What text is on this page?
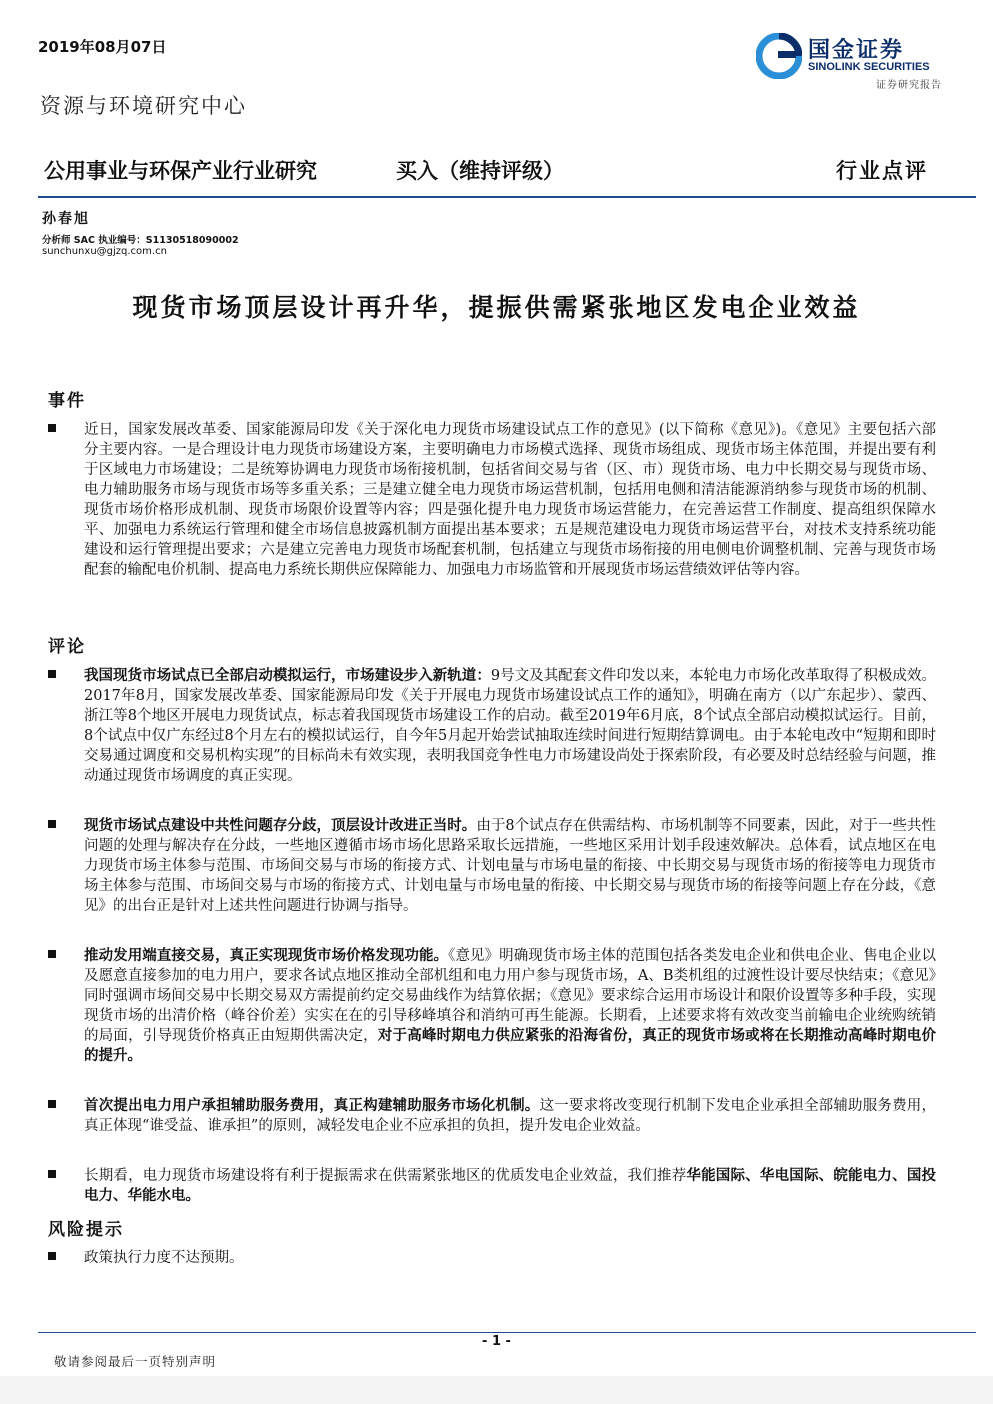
2019年08月07日	国金证券
SINOLINK SECURITIES
证券研究报告
资源与环境研究中心
公用事业与环保产业行业研究	买入（维持评级）	行业点评
孙春旭
分析师 SAC 执业编号：S1130518090002
sunchunxu@gjzq.com.cn
现货市场顶层设计再升华，提振供需紧张地区发电企业效益
事件
近日，国家发展改革委、国家能源局印发《关于深化电力现货市场建设试点工作的意见》(以下简称《意见》)。《意见》主要包括六部分主要内容。一是合理设计电力现货市场建设方案，主要明确电力市场模式选择、现货市场组成、现货市场主体范围，并提出要有利于区域电力市场建设；二是统筹协调电力现货市场衔接机制，包括省间交易与省（区、市）现货市场、电力中长期交易与现货市场、电力辅助服务市场与现货市场等多重关系；三是建立健全电力现货市场运营机制，包括用电侧和清洁能源消纳参与现货市场的机制、现货市场价格形成机制、现货市场限价设置等内容；四是强化提升电力现货市场运营能力，在完善运营工作制度、提高组织保障水平、加强电力系统运行管理和健全市场信息披露机制方面提出基本要求；五是规范建设电力现货市场运营平台，对技术支持系统功能建设和运行管理提出要求；六是建立完善电力现货市场配套机制，包括建立与现货市场衔接的用电侧电价调整机制、完善与现货市场配套的输配电价机制、提高电力系统长期供应保障能力、加强电力市场监管和开展现货市场运营绩效评估等内容。
评论
我国现货市场试点已全部启动模拟运行，市场建设步入新轨道：9号文及其配套文件印发以来，本轮电力市场化改革取得了积极成效。2017年8月，国家发展改革委、国家能源局印发《关于开展电力现货市场建设试点工作的通知》，明确在南方（以广东起步）、蒙西、浙江等8个地区开展电力现货试点，标志着我国现货市场建设工作的启动。截至2019年6月底，8个试点全部启动模拟试运行。目前，8个试点中仅广东经过8个月左右的模拟试运行，自今年5月起开始尝试抽取连续时间进行短期结算调电。由于本轮电改中“短期和即时交易通过调度和交易机构实现”的目标尚未有效实现，表明我国竞争性电力市场建设尚处于探索阶段，有必要及时总结经验与问题，推动通过现货市场调度的真正实现。
现货市场试点建设中共性问题存分歧，顶层设计改进正当时。由于8个试点存在供需结构、市场机制等不同要素，因此，对于一些共性问题的处理与解决存在分歧，一些地区遵循市场市场化思路采取长远措施，一些地区采用计划手段速效解决。总体看，试点地区在电力现货市场主体参与范围、市场间交易与市场的衔接方式、计划电量与市场电量的衔接、中长期交易与现货市场的衔接等电力现货市场主体参与范围、市场间交易与市场的衔接方式、计划电量与市场电量的衔接、中长期交易与现货市场的衔接等问题上存在分歧，《意见》的出台正是针对上述共性问题进行协调与指导。
推动发用端直接交易，真正实现现货市场价格发现功能。《意见》明确现货市场主体的范围包括各类发电企业和供电企业、售电企业以及愿意直接参加的电力用户，要求各试点地区推动全部机组和电力用户参与现货市场，A、B类机组的过渡性设计要尽快结束；《意见》同时强调市场间交易中长期交易双方需提前约定交易曲线作为结算依据；《意见》要求综合运用市场设计和限价设置等多种手段，实现现货市场的出清价格（峰谷价差）实实在在的引导移峰填谷和消纳可再生能源。长期看，上述要求将有效改变当前输电企业统购统销的局面，引导现货价格真正由短期供需决定，对于高峰时期电力供应紧张的沿海省份，真正的现货市场或将在长期推动高峰时期电价的提升。
首次提出电力用户承担辅助服务费用，真正构建辅助服务市场化机制。这一要求将改变现行机制下发电企业承担全部辅助服务费用，真正体现“谁受益、谁承担”的原则，减轻发电企业不应承担的负担，提升发电企业效益。
长期看，电力现货市场建设将有利于提振需求在供需紧张地区的优质发电企业效益，我们推荐华能国际、华电国际、皖能电力、国投电力、华能水电。
风险提示
政策执行力度不达预期。
- 1 -
敬请参阅最后一页特别声明
